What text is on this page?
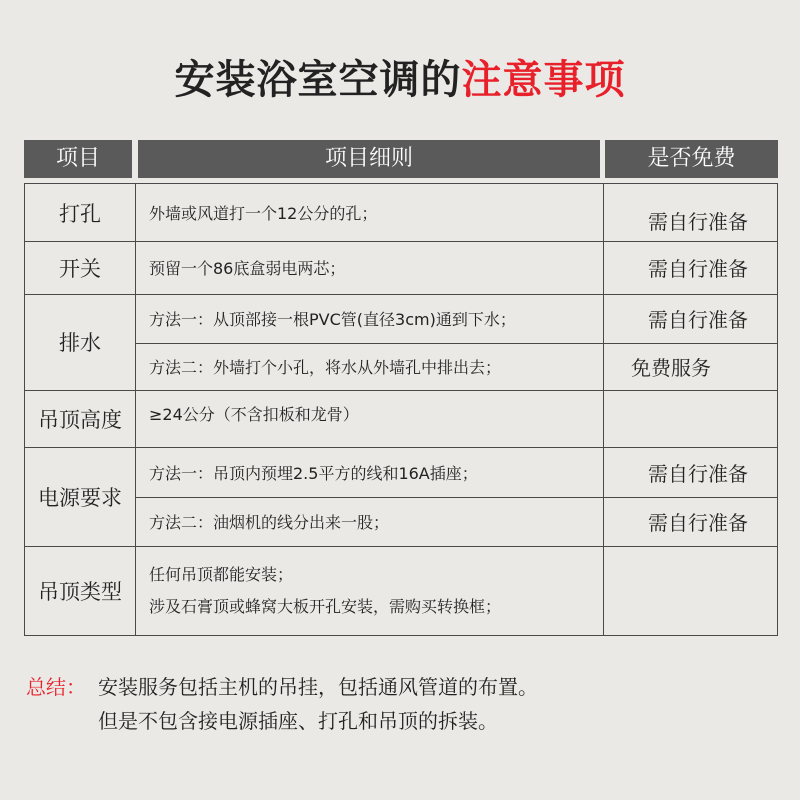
安装浴室空调的注意事项
项目	项目细则	是否免费
打孔	外墙或风道打一个12公分的孔；	需自行准备
开关	预留一个86底盒弱电两芯；	需自行准备
排水
方法一：从顶部接一根PVC管(直径3cm)通到下水；	需自行准备
方法二：外墙打个小孔，将水从外墙孔中排出去；	免费服务
吊顶高度	≥24公分（不含扣板和龙骨）
电源要求
方法一：吊顶内预埋2.5平方的线和16A插座；	需自行准备
方法二：油烟机的线分出来一股；	需自行准备
吊顶类型
任何吊顶都能安装；
涉及石膏顶或蜂窝大板开孔安装，需购买转换框；
总结： 安装服务包括主机的吊挂，包括通风管道的布置。
但是不包含接电源插座、打孔和吊顶的拆装。
